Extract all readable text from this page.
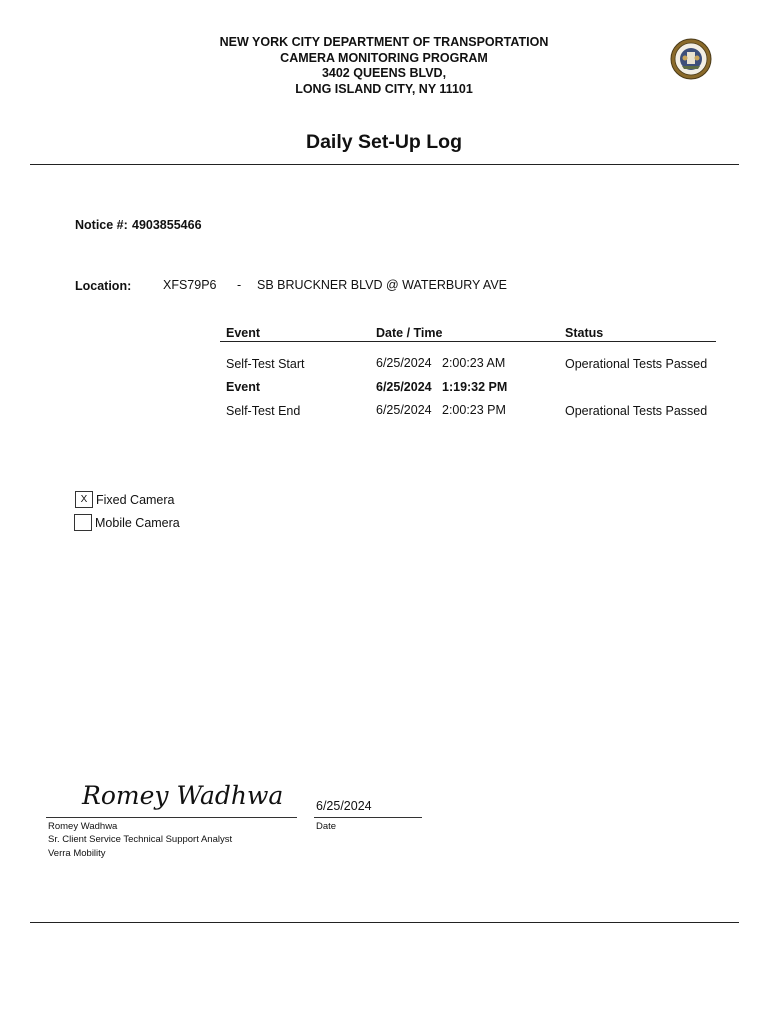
NEW YORK CITY DEPARTMENT OF TRANSPORTATION
CAMERA MONITORING PROGRAM
3402 QUEENS BLVD,
LONG ISLAND CITY, NY 11101
Daily Set-Up Log
Notice #: 4903855466
Location:	XFS79P6 - SB BRUCKNER BLVD @ WATERBURY AVE
Event	Date / Time	Status
Self-Test Start	6/25/2024 2:00:23 AM	Operational Tests Passed
Event	6/25/2024 1:19:32 PM
Self-Test End	6/25/2024 2:00:23 PM	Operational Tests Passed
X Fixed Camera
Mobile Camera
Romey Wadhwa
Romey Wadhwa
Sr. Client Service Technical Support Analyst
Verra Mobility
6/25/2024
Date
